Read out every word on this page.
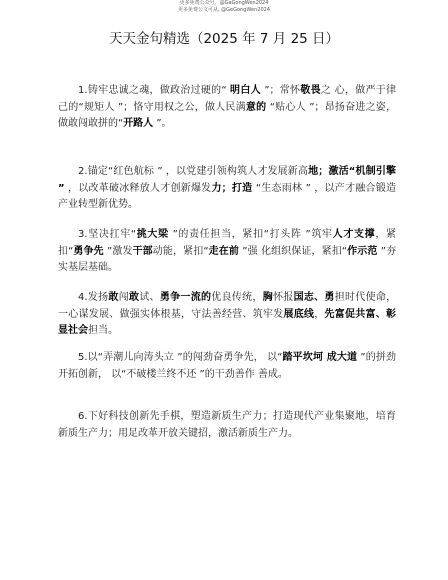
更多免费公众号，@GaGongWen2024
更多免费公文可从, @GeGongWen2024
天天金句精选（2025 年 7 月 25 日）

1.铸牢忠诚之魂，做政治过硬的“ 明白人 ”；常怀敬畏之 心，做严于律己的“规矩人 ”；恪守用权之公，做人民满意的 “贴心人 ”；昂扬奋进之姿，做敢闯敢拼的“开路人 ”。

2.锚定“红色航标 ” ，以党建引领构筑人才发展新高地；激活“机制引擎 ” ，以改革破冰释放人才创新爆发力；打造 “生态雨林 ” ，以产才融合锻造产业转型新优势。

3.坚决扛牢“挑大梁 ”的责任担当，紧扣“打头阵 ”筑牢人才支撑，紧扣“勇争先 ”激发干部动能，紧扣“走在前 ”强 化组织保证，紧扣“作示范 ”夯实基层基础。

4.发扬敢闯敢试、勇争一流的优良传统，胸怀报国志、勇担时代使命，一心谋发展、做强实体根基，守法善经营、筑牢发展底线，先富促共富、彰显社会担当。

5.以“弄潮儿向涛头立 ”的闯劲奋勇争先， 以“踏平坎坷 成大道 ”的拼劲开拓创新， 以“不破楼兰终不还 ”的干劲善作 善成。

6.下好科技创新先手棋，塑造新质生产力；打造现代产业集聚地，培育新质生产力；用足改革开放关键招，激活新质生产力。
